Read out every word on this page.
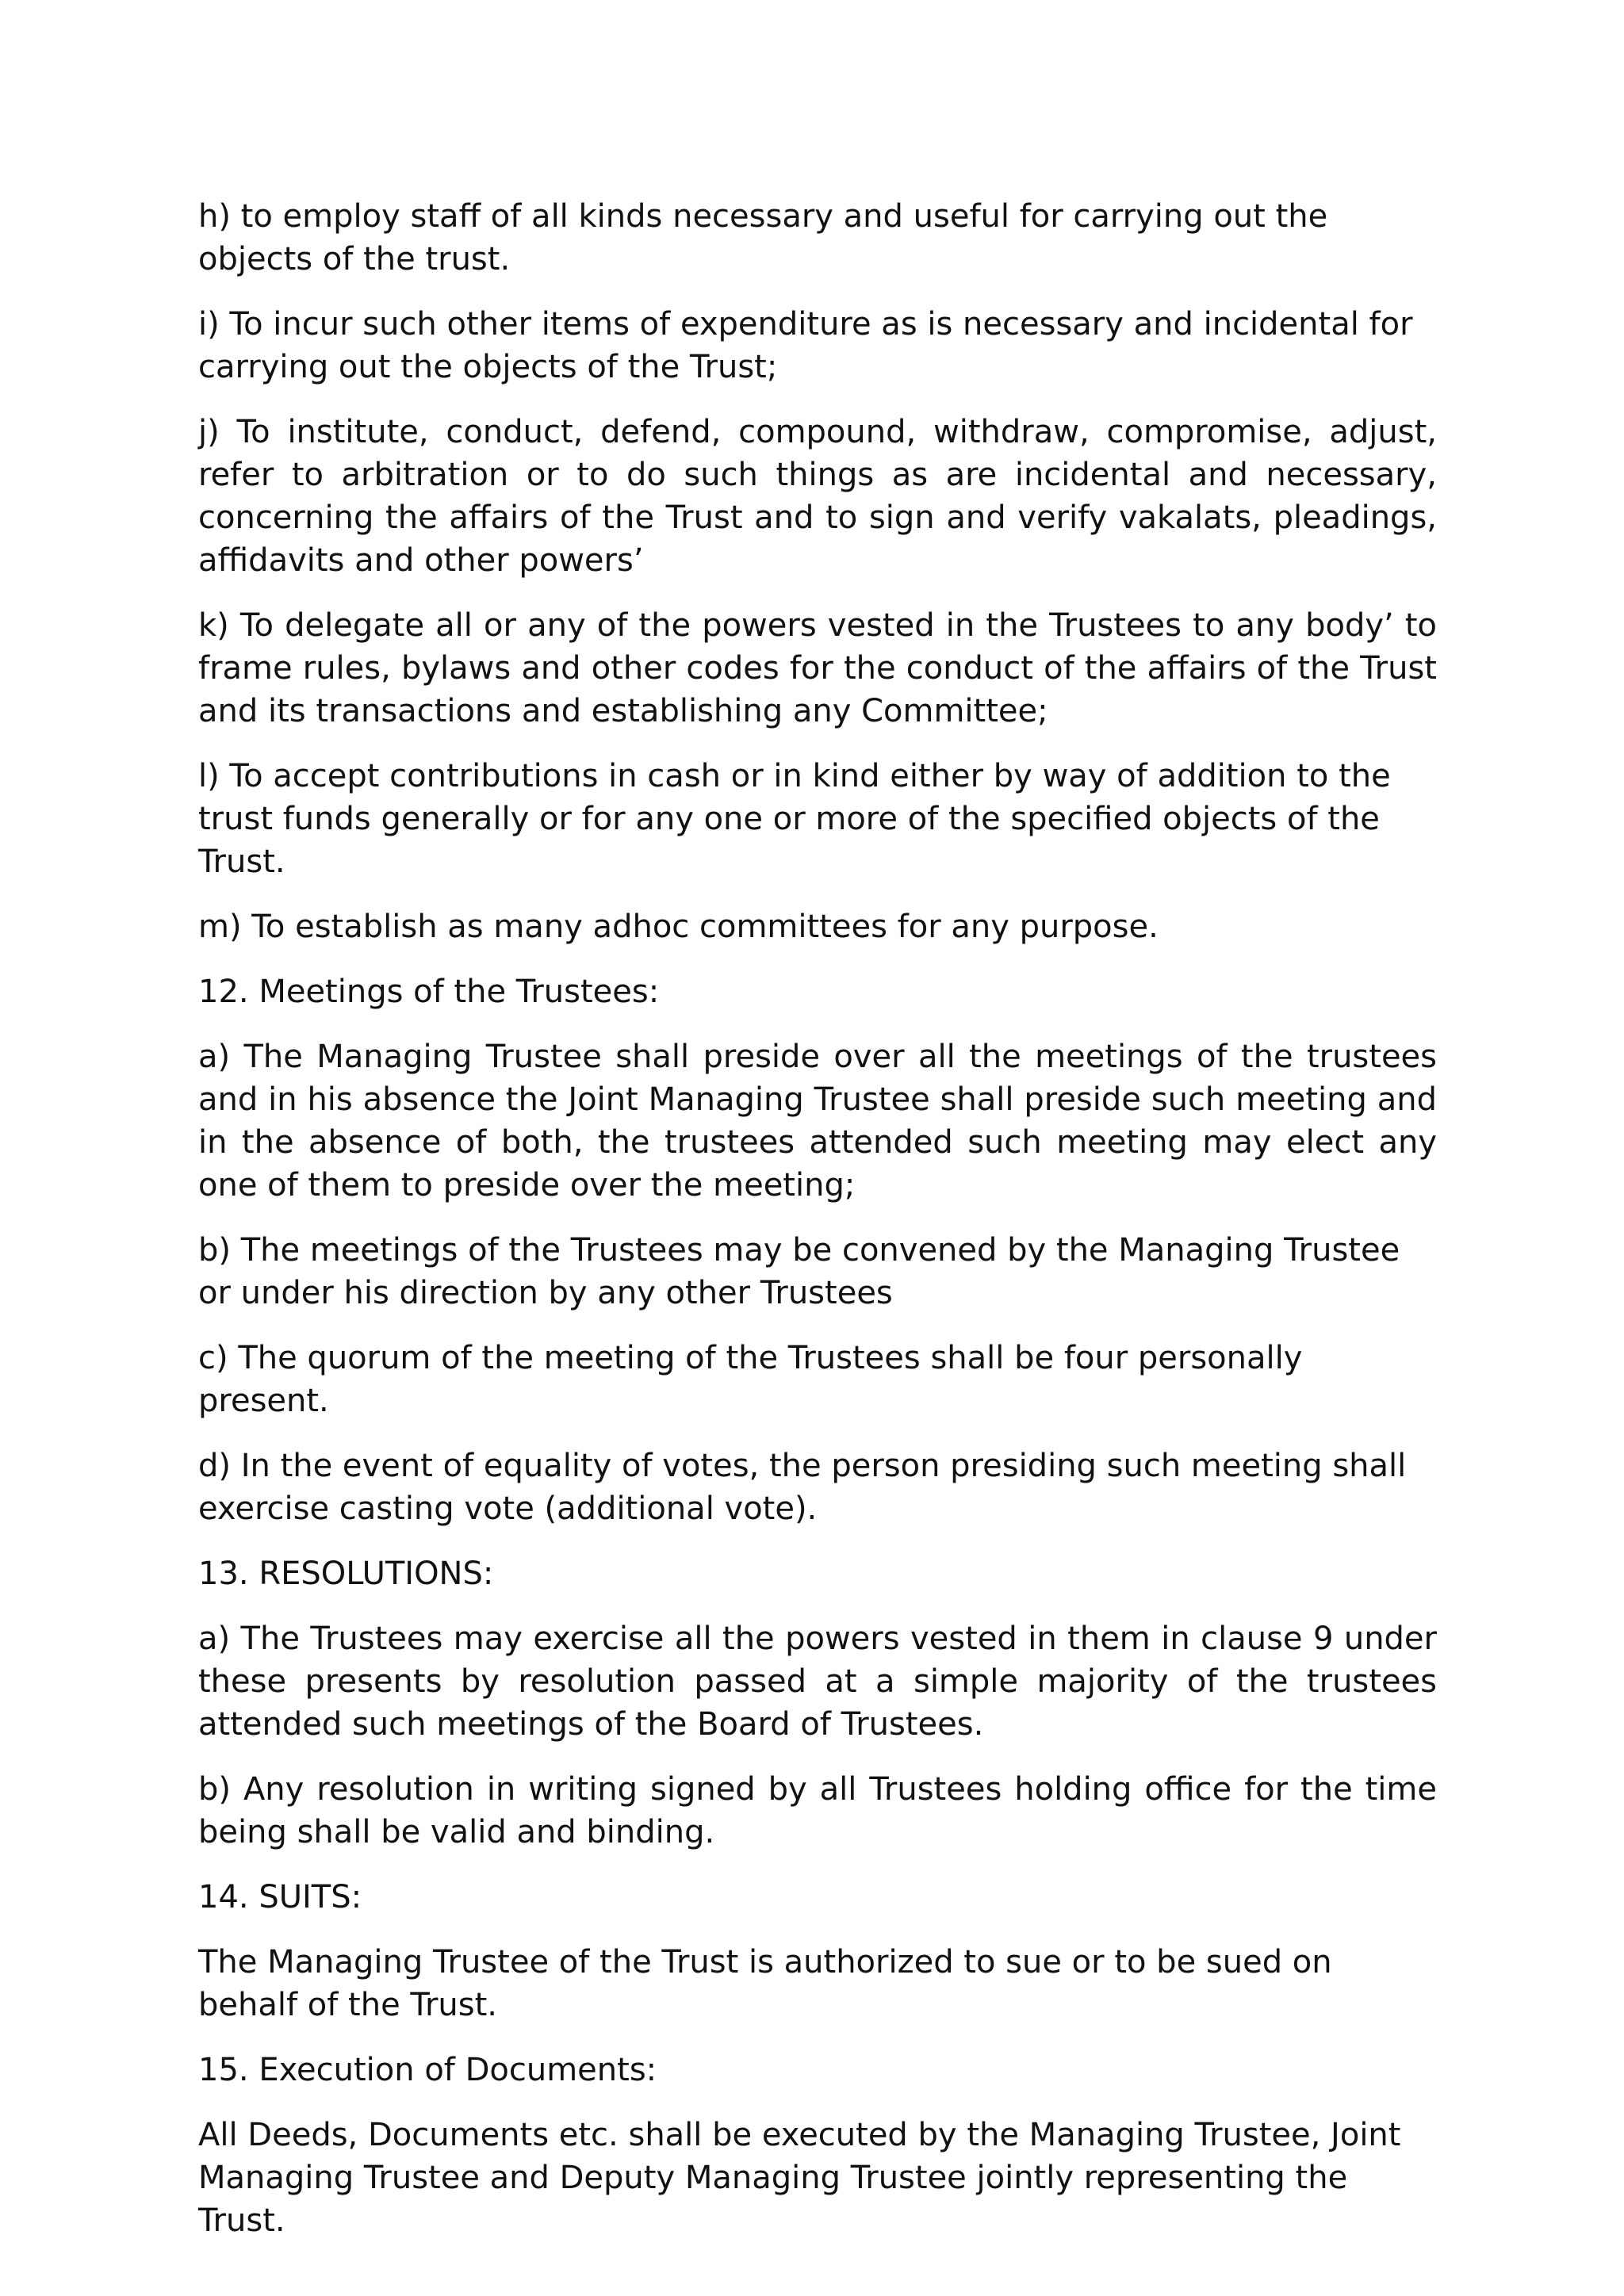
h) to employ staff of all kinds necessary and useful for carrying out the objects of the trust.

i) To incur such other items of expenditure as is necessary and incidental for carrying out the objects of the Trust;

j) To institute, conduct, defend, compound, withdraw, compromise, adjust, refer to arbitration or to do such things as are incidental and necessary, concerning the affairs of the Trust and to sign and verify vakalats, pleadings, affidavits and other powers’

k) To delegate all or any of the powers vested in the Trustees to any body’ to frame rules, bylaws and other codes for the conduct of the affairs of the Trust and its transactions and establishing any Committee;

l) To accept contributions in cash or in kind either by way of addition to the trust funds generally or for any one or more of the specified objects of the Trust.

m) To establish as many adhoc committees for any purpose.

12. Meetings of the Trustees:

a) The Managing Trustee shall preside over all the meetings of the trustees and in his absence the Joint Managing Trustee shall preside such meeting and in the absence of both, the trustees attended such meeting may elect any one of them to preside over the meeting;

b) The meetings of the Trustees may be convened by the Managing Trustee or under his direction by any other Trustees

c) The quorum of the meeting of the Trustees shall be four personally present.

d) In the event of equality of votes, the person presiding such meeting shall exercise casting vote (additional vote).

13. RESOLUTIONS:

a) The Trustees may exercise all the powers vested in them in clause 9 under these presents by resolution passed at a simple majority of the trustees attended such meetings of the Board of Trustees.

b) Any resolution in writing signed by all Trustees holding office for the time being shall be valid and binding.

14. SUITS:

The Managing Trustee of the Trust is authorized to sue or to be sued on behalf of the Trust.

15. Execution of Documents:

All Deeds, Documents etc. shall be executed by the Managing Trustee, Joint Managing Trustee and Deputy Managing Trustee jointly representing the Trust.
